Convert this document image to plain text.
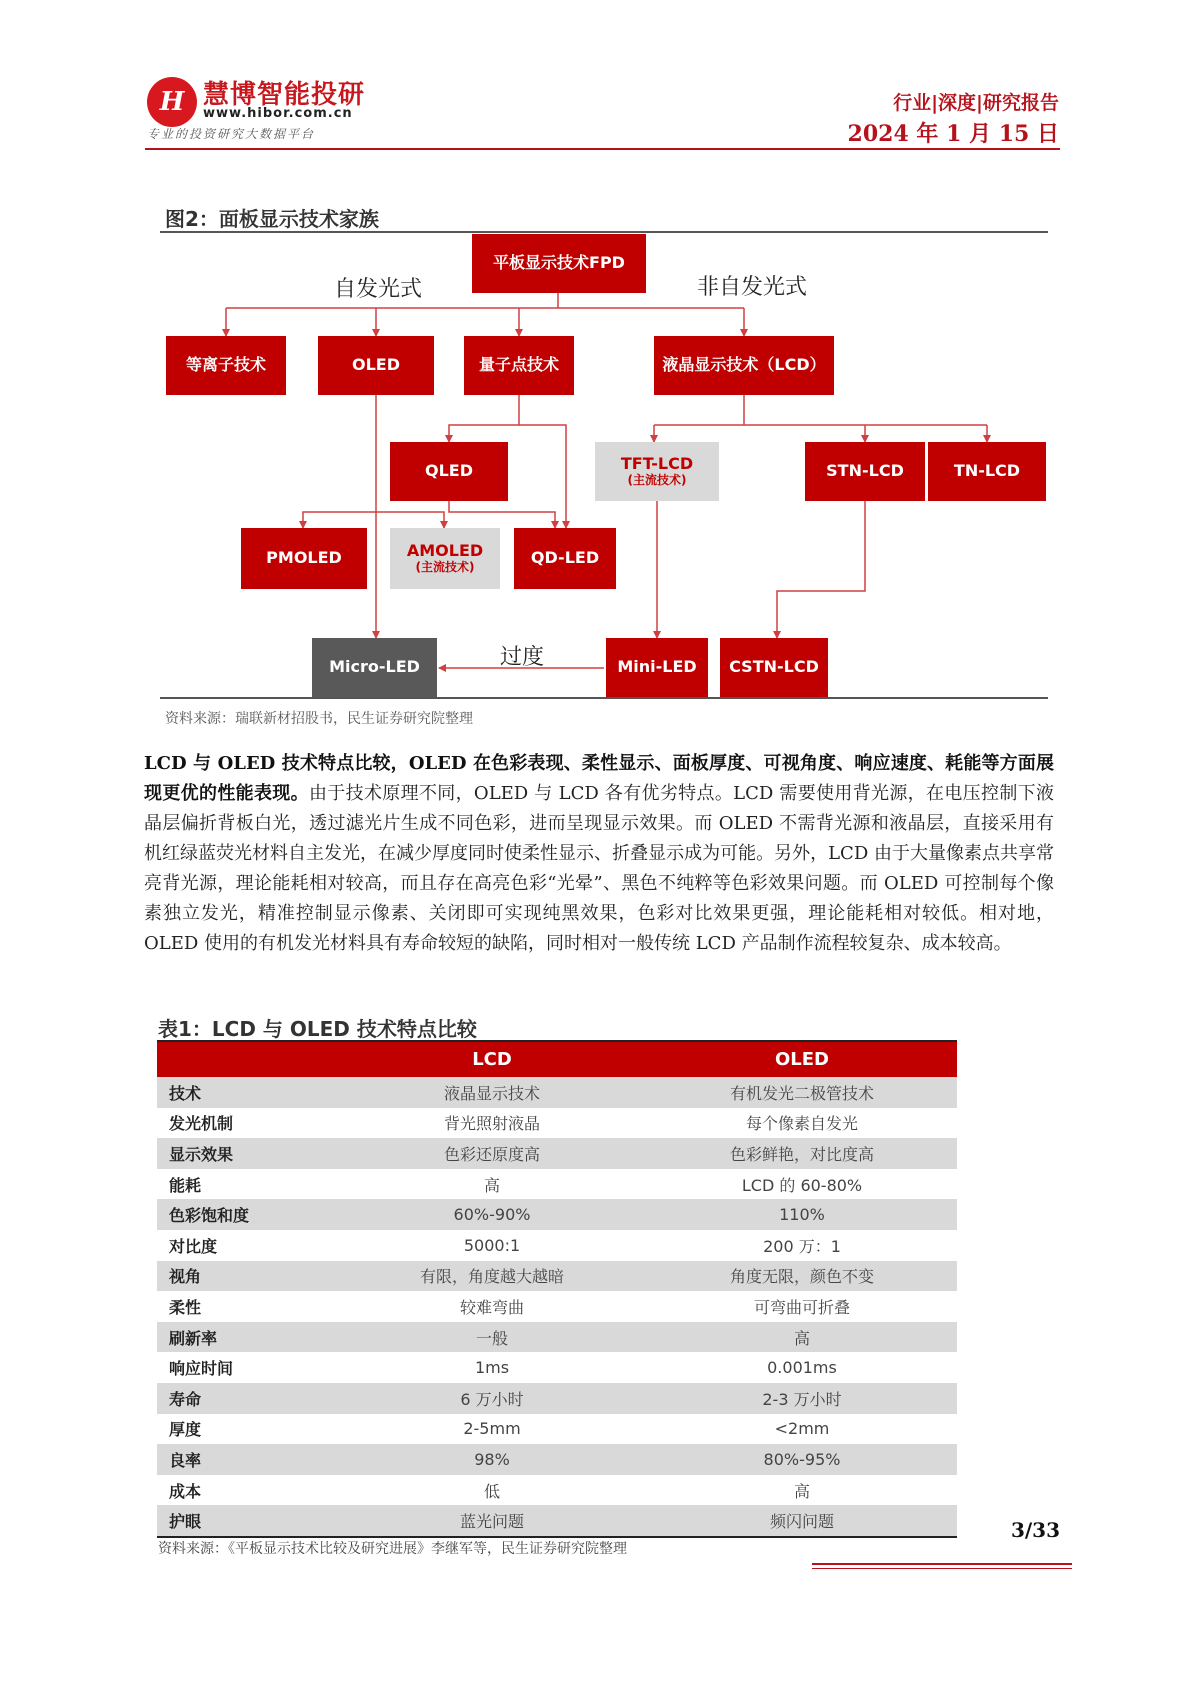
H 慧博智能投研
www.hibor.com.cn
专业的投资研究大数据平台
行业|深度|研究报告
2024 年 1 月 15 日
图2：面板显示技术家族
自发光式	非自发光式
过度
平板显示技术FPD
等离子技术	OLED	量子点技术	液晶显示技术（LCD）
QLED	TFT-LCD
(主流技术)	STN-LCD	TN-LCD
PMOLED	AMOLED
(主流技术)	QD-LED
Micro-LED	Mini-LED CSTN-LCD
资料来源：瑞联新材招股书，民生证券研究院整理
LCD 与 OLED 技术特点比较，OLED 在色彩表现、柔性显示、面板厚度、可视角度、响应速度、耗能等方面展现更优的性能表现。由于技术原理不同，OLED 与 LCD 各有优劣特点。LCD 需要使用背光源，在电压控制下液晶层偏折背板白光，透过滤光片生成不同色彩，进而呈现显示效果。而 OLED 不需背光源和液晶层，直接采用有机红绿蓝荧光材料自主发光，在减少厚度同时使柔性显示、折叠显示成为可能。另外，LCD 由于大量像素点共享常亮背光源，理论能耗相对较高，而且存在高亮色彩“光晕”、黑色不纯粹等色彩效果问题。而 OLED 可控制每个像素独立发光，精准控制显示像素、关闭即可实现纯黑效果，色彩对比效果更强，理论能耗相对较低。相对地，OLED 使用的有机发光材料具有寿命较短的缺陷，同时相对一般传统 LCD 产品制作流程较复杂、成本较高。
表1：LCD 与 OLED 技术特点比较
	LCD	OLED
技术	液晶显示技术	有机发光二极管技术
发光机制	背光照射液晶	每个像素自发光
显示效果	色彩还原度高	色彩鲜艳，对比度高
能耗	高	LCD 的 60-80%
色彩饱和度	60%-90%	110%
对比度	5000:1	200 万：1
视角	有限，角度越大越暗	角度无限，颜色不变
柔性	较难弯曲	可弯曲可折叠
刷新率	一般	高
响应时间	1ms	0.001ms
寿命	6 万小时	2-3 万小时
厚度	2-5mm	<2mm
良率	98%	80%-95%
成本	低	高
护眼	蓝光问题	频闪问题
资料来源：《平板显示技术比较及研究进展》李继军等，民生证券研究院整理
3/33
